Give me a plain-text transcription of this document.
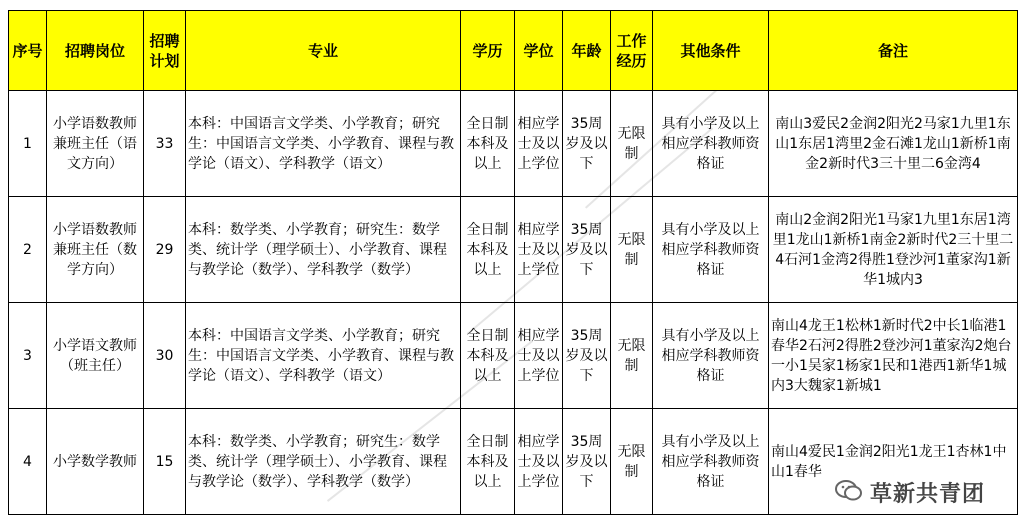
序号	招聘岗位	招聘计划	专业	学历	学位	年龄	工作经历	其他条件	备注
1	小学语数教师兼班主任（语文方向）	33	本科：中国语言文学类、小学教育；研究生：中国语言文学类、小学教育、课程与教学论（语文）、学科教学（语文）	全日制本科及以上	相应学士及以上学位	35周岁及以下	无限制	具有小学及以上相应学科教师资格证	南山3爱民2金润2阳光2马家1九里1东山1东居1湾里2金石滩1龙山1新桥1南金2新时代3三十里二6金湾4
2	小学语数教师兼班主任（数学方向）	29	本科：数学类、小学教育；研究生：数学类、统计学（理学硕士）、小学教育、课程与教学论（数学）、学科教学（数学）	全日制本科及以上	相应学士及以上学位	35周岁及以下	无限制	具有小学及以上相应学科教师资格证	南山2金润2阳光1马家1九里1东居1湾里1龙山1新桥1南金2新时代2三十里二4石河1金湾2得胜1登沙河1董家沟1新华1城内3
3	小学语文教师（班主任）	30	本科：中国语言文学类、小学教育；研究生：中国语言文学类、小学教育、课程与教学论（语文）、学科教学（语文）	全日制本科及以上	相应学士及以上学位	35周岁及以下	无限制	具有小学及以上相应学科教师资格证	南山4龙王1松林1新时代2中长1临港1春华2石河2得胜2登沙河1董家沟2炮台一小1吴家1杨家1民和1港西1新华1城内3大魏家1新城1
4	小学数学教师	15	本科：数学类、小学教育；研究生：数学类、统计学（理学硕士）、小学教育、课程与教学论（数学）、学科教学（数学）	全日制本科及以上	相应学士及以上学位	35周岁及以下	无限制	具有小学及以上相应学科教师资格证	南山4爱民1金润2阳光1龙王1杏林1中山1春华
草新共青团
